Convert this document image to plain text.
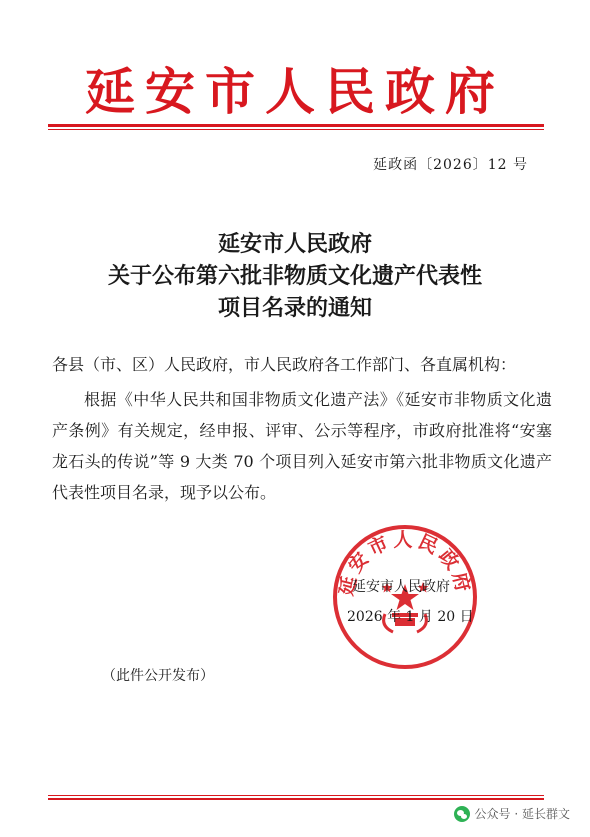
延安市人民政府
延政函〔2026〕12 号
延安市人民政府
关于公布第六批非物质文化遗产代表性
项目名录的通知
各县（市、区）人民政府，市人民政府各工作部门、各直属机构：

根据《中华人民共和国非物质文化遗产法》《延安市非物质文化遗产条例》有关规定，经申报、评审、公示等程序，市政府批准将“安塞龙石头的传说”等 9 大类 70 个项目列入延安市第六批非物质文化遗产代表性项目名录，现予以公布。

延安市人民政府
延安市人民政府
2026 年 1 月 20 日
（此件公开发布）
公众号 · 延长群文
